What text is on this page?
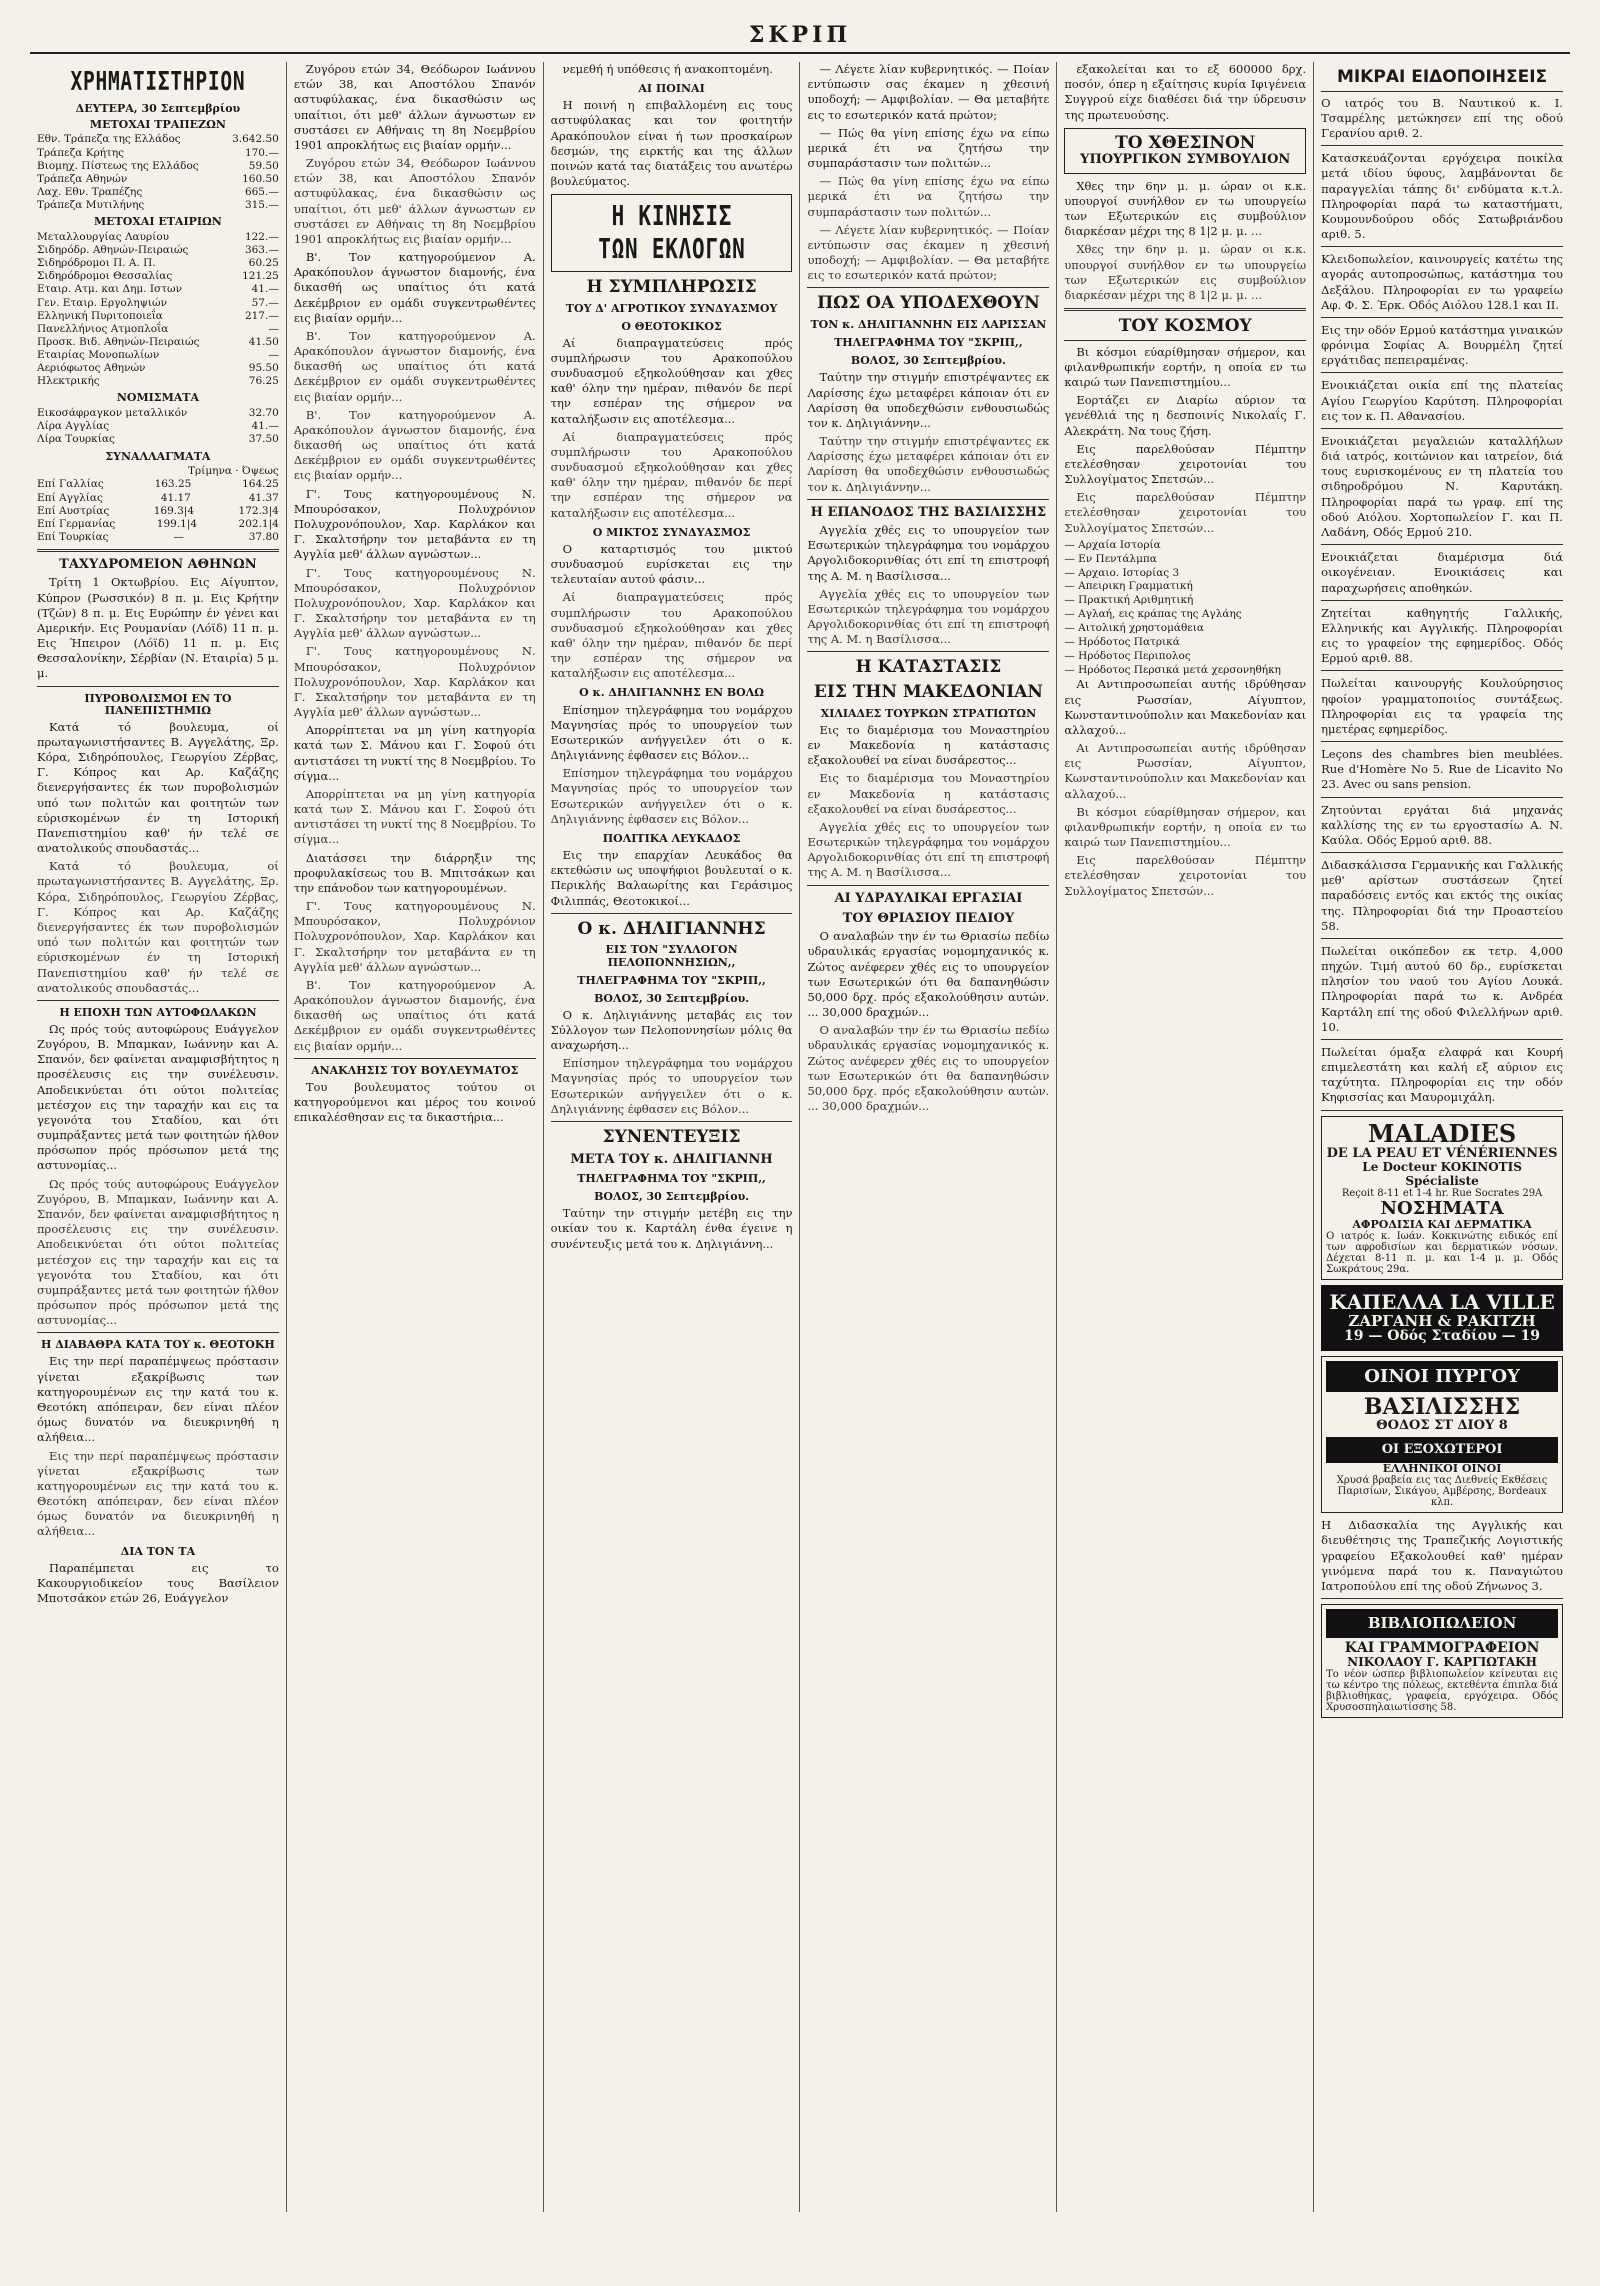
ΣΚΡΙΠ
ΧΡΗΜΑΤΙΣΤΗΡΙΟΝ
ΔΕΥΤΕΡΑ, 30 Σεπτεμβρίου
ΜΕΤΟΧΑΙ ΤΡΑΠΕΖΩΝ
Εθν. Τράπεζα της Ελλάδος	3.642.50
Τράπεζα Κρήτης	170.—
Βιομηχ. Πίστεως της Ελλάδος	59.50
Τράπεζα Αθηνών	160.50
Λαχ. Εθν. Τραπέζης	665.—
Τράπεζα Μυτιλήνης	315.—
ΜΕΤΟΧΑΙ ΕΤΑΙΡΙΩΝ
Μεταλλουργίας Λαυρίου	122.—
Σιδηρόδρ. Αθηνών-Πειραιώς	363.—
Σιδηρόδρομοι Π. Α. Π.	60.25
Σιδηρόδρομοι Θεσσαλίας	121.25
Εταιρ. Ατμ. και Δημ. Ιστων	41.—
Γεν. Εταιρ. Εργοληψιών	57.—
Ελληνική Πυριτοποιεΐα	217.—
Πανελλήνιος Ατμοπλοΐα	—
Προσκ. Βιδ. Αθηνών-Πειραιώς	41.50
Εταιρίας Μονοπωλίων	—
Αεριόφωτος Αθηνών	95.50
Ηλεκτρικής	76.25
ΝΟΜΙΣΜΑΤΑ
Εικοσάφραγκον μεταλλικόν	32.70
Λίρα Αγγλίας	41.—
Λίρα Τουρκίας	37.50
ΣΥΝΑΛΛΑΓΜΑΤΑ
Τρίμηνα · Όψεως
Επί Γαλλίας	163.25	164.25
Επί Αγγλίας	41.17	41.37
Επί Αυστρίας	169.3|4	172.3|4
Επί Γερμανίας	199.1|4	202.1|4
Επί Τουρκίας	—	37.80
ΤΑΧΥΔΡΟΜΕΙΟΝ ΑΘΗΝΩΝ

Τρίτη 1 Οκτωβρίου. Εις Αίγυπτον, Κύπρον (Ρωσσικόν) 8 π. μ. Εις Κρήτην (Τζών) 8 π. μ. Εις Ευρώπην έν γένει και Αμερικήν. Εις Ρουμανίαν (Λόϊδ) 11 π. μ. Εις Ήπειρον (Λόϊδ) 11 π. μ. Εις Θεσσαλονίκην, Σέρβίαν (Ν. Εταιρία) 5 μ. μ.

ΠΥΡΟΒΟΛΙΣΜΟΙ ΕΝ ΤΟ ΠΑΝΕΠΙΣΤΗΜΙΩ

Κατά τό βουλευμα, οί πρωταγωνιστήσαντες Β. Αγγελάτης, Ξρ. Κόρα, Σιδηρόπουλος, Γεωργίου Ζέρβας, Γ. Κόπρος και Αρ. Καζάζης διενεργήσαντες έκ των πυροβολισμών υπό των πολιτών και φοιτητών των εύρισκομένων έν τη Ιστορική Πανεπιστημίου καθ' ήν τελέ σε ανατολικούς σπουδαστάς...

Κατά τό βουλευμα, οί πρωταγωνιστήσαντες Β. Αγγελάτης, Ξρ. Κόρα, Σιδηρόπουλος, Γεωργίου Ζέρβας, Γ. Κόπρος και Αρ. Καζάζης διενεργήσαντες έκ των πυροβολισμών υπό των πολιτών και φοιτητών των εύρισκομένων έν τη Ιστορική Πανεπιστημίου καθ' ήν τελέ σε ανατολικούς σπουδαστάς...

Η ΕΠΟΧΗ ΤΩΝ ΑΥΤΟΦΩΛΑΚΩΝ

Ως πρός τούς αυτοφώρους Ευάγγελον Ζυγόρου, Β. Μπαμκαν, Ιωάννην και Α. Σπανόν, δεν φαίνεται αναμφισβήτητος η προσέλευσις εις την συνέλευσιν. Αποδεικνύεται ότι ούτοι πολιτείας μετέσχον εις την ταραχήν και εις τα γεγονότα του Σταδίου, και ότι συμπράξαντες μετά των φοιτητών ήλθον πρόσωπον πρός πρόσωπον μετά της αστυνομίας...

Ως πρός τούς αυτοφώρους Ευάγγελον Ζυγόρου, Β. Μπαμκαν, Ιωάννην και Α. Σπανόν, δεν φαίνεται αναμφισβήτητος η προσέλευσις εις την συνέλευσιν. Αποδεικνύεται ότι ούτοι πολιτείας μετέσχον εις την ταραχήν και εις τα γεγονότα του Σταδίου, και ότι συμπράξαντες μετά των φοιτητών ήλθον πρόσωπον πρός πρόσωπον μετά της αστυνομίας...

Η ΔΙΑΒΑΘΡΑ ΚΑΤΑ ΤΟΥ κ. ΘΕΟΤΟΚΗ

Εις την περί παραπέμψεως πρόστασιν γίνεται εξακρίβωσις των κατηγορουμένων εις την κατά του κ. Θεοτόκη απόπειραν, δεν είναι πλέον όμως δυνατόν να διευκρινηθή η αλήθεια...

Εις την περί παραπέμψεως πρόστασιν γίνεται εξακρίβωσις των κατηγορουμένων εις την κατά του κ. Θεοτόκη απόπειραν, δεν είναι πλέον όμως δυνατόν να διευκρινηθή η αλήθεια...

ΔΙΑ ΤΟΝ ΤΑ

Παραπέμπεται εις το Κακουργιοδικείον τους Βασίλειον Μποτσάκον ετών 26, Ευάγγελον

Ζυγόρου ετών 34, Θεόδωρον Ιωάννου ετών 38, και Αποστόλου Σπανόν αστυφύλακας, ένα δικασθώσιν ως υπαίτιοι, ότι μεθ' άλλων άγνωστων εν συστάσει εν Αθήναις τη 8η Νοεμβρίου 1901 απροκλήτως εις βιαίαν ορμήν...

Ζυγόρου ετών 34, Θεόδωρον Ιωάννου ετών 38, και Αποστόλου Σπανόν αστυφύλακας, ένα δικασθώσιν ως υπαίτιοι, ότι μεθ' άλλων άγνωστων εν συστάσει εν Αθήναις τη 8η Νοεμβρίου 1901 απροκλήτως εις βιαίαν ορμήν...

Β'. Τον κατηγορούμενον Α. Αρακόπουλον άγνωστον διαμονής, ένα δικασθή ως υπαίτιος ότι κατά Δεκέμβριον εν ομάδι συγκεντρωθέντες εις βιαίαν ορμήν...

Β'. Τον κατηγορούμενον Α. Αρακόπουλον άγνωστον διαμονής, ένα δικασθή ως υπαίτιος ότι κατά Δεκέμβριον εν ομάδι συγκεντρωθέντες εις βιαίαν ορμήν...

Β'. Τον κατηγορούμενον Α. Αρακόπουλον άγνωστον διαμονής, ένα δικασθή ως υπαίτιος ότι κατά Δεκέμβριον εν ομάδι συγκεντρωθέντες εις βιαίαν ορμήν...

Γ'. Τους κατηγορουμένους Ν. Μπουρόσακον, Πολυχρόνιον Πολυχρονόπουλον, Χαρ. Καρλάκον και Γ. Σκαλτσήρην τον μεταβάντα εν τη Αγγλία μεθ' άλλων αγνώστων...

Γ'. Τους κατηγορουμένους Ν. Μπουρόσακον, Πολυχρόνιον Πολυχρονόπουλον, Χαρ. Καρλάκον και Γ. Σκαλτσήρην τον μεταβάντα εν τη Αγγλία μεθ' άλλων αγνώστων...

Γ'. Τους κατηγορουμένους Ν. Μπουρόσακον, Πολυχρόνιον Πολυχρονόπουλον, Χαρ. Καρλάκον και Γ. Σκαλτσήρην τον μεταβάντα εν τη Αγγλία μεθ' άλλων αγνώστων...

Απορρίπτεται να μη γίνη κατηγορία κατά των Σ. Μάνου και Γ. Σοφού ότι αντιστάσει τη νυκτί της 8 Νοεμβρίου. Το σίγμα...

Απορρίπτεται να μη γίνη κατηγορία κατά των Σ. Μάνου και Γ. Σοφού ότι αντιστάσει τη νυκτί της 8 Νοεμβρίου. Το σίγμα...

Διατάσσει την διάρρηξιν της προφυλακίσεως του Β. Μπιτσάκων και την επάνοδον των κατηγορουμένων.

Γ'. Τους κατηγορουμένους Ν. Μπουρόσακον, Πολυχρόνιον Πολυχρονόπουλον, Χαρ. Καρλάκον και Γ. Σκαλτσήρην τον μεταβάντα εν τη Αγγλία μεθ' άλλων αγνώστων...

Β'. Τον κατηγορούμενον Α. Αρακόπουλον άγνωστον διαμονής, ένα δικασθή ως υπαίτιος ότι κατά Δεκέμβριον εν ομάδι συγκεντρωθέντες εις βιαίαν ορμήν...

ΑΝΑΚΛΗΣΙΣ ΤΟΥ ΒΟΥΛΕΥΜΑΤΟΣ

Του βουλευματος τούτου οι κατηγορούμενοι και μέρος του κοινού επικαλέσθησαν εις τα δικαστήρια...

νεμεθή ή υπόθεσις ή ανακοπτομένη.

ΑΙ ΠΟΙΝΑΙ

Η ποινή η επιβαλλομένη εις τους αστυφύλακας και τον φοιτητήν Αρακόπουλον είναι ή των προσκαίρων δεσμών, της ειρκτής και της άλλων ποινών κατά τας διατάξεις του ανωτέρω βουλεύματος.

Η ΚΙΝΗΣΙΣ
ΤΩΝ ΕΚΛΟΓΩΝ
Η ΣΥΜΠΛΗΡΩΣΙΣ
ΤΟΥ Δ' ΑΓΡΟΤΙΚΟΥ ΣΥΝΔΥΑΣΜΟΥ
Ο ΘΕΟΤΟΚΙΚΟΣ

Αί διαπραγματεύσεις πρός συμπλήρωσιν του Αρακοπούλου συνδυασμού εξηκολούθησαν και χθες καθ' όλην την ημέραν, πιθανόν δε περί την εσπέραν της σήμερον να καταλήξωσιν εις αποτέλεσμα...

Αί διαπραγματεύσεις πρός συμπλήρωσιν του Αρακοπούλου συνδυασμού εξηκολούθησαν και χθες καθ' όλην την ημέραν, πιθανόν δε περί την εσπέραν της σήμερον να καταλήξωσιν εις αποτέλεσμα...

Ο ΜΙΚΤΟΣ ΣΥΝΔΥΑΣΜΟΣ

Ο καταρτισμός του μικτού συνδυασμού ευρίσκεται εις την τελευταίαν αυτού φάσιν...

Αί διαπραγματεύσεις πρός συμπλήρωσιν του Αρακοπούλου συνδυασμού εξηκολούθησαν και χθες καθ' όλην την ημέραν, πιθανόν δε περί την εσπέραν της σήμερον να καταλήξωσιν εις αποτέλεσμα...

Ο κ. ΔΗΛΙΓΙΑΝΝΗΣ ΕΝ ΒΟΛΩ

Επίσημον τηλεγράφημα του νομάρχου Μαγνησίας πρός το υπουργείον των Εσωτερικών ανήγγειλεν ότι ο κ. Δηλιγιάννης έφθασεν εις Βόλον...

Επίσημον τηλεγράφημα του νομάρχου Μαγνησίας πρός το υπουργείον των Εσωτερικών ανήγγειλεν ότι ο κ. Δηλιγιάννης έφθασεν εις Βόλον...

ΠΟΛΙΤΙΚΑ ΛΕΥΚΑΔΟΣ

Εις την επαρχίαν Λευκάδος θα εκτεθώσιν ως υποψήφιοι βουλευταί ο κ. Περικλής Βαλαωρίτης και Γεράσιμος Φιλιππάς, Θεοτοκικοί...

Ο κ. ΔΗΛΙΓΙΑΝΝΗΣ
ΕΙΣ ΤΟΝ "ΣΥΛΛΟΓΟΝ ΠΕΛΟΠΟΝΝΗΣΙΩΝ,,
ΤΗΛΕΓΡΑΦΗΜΑ ΤΟΥ "ΣΚΡΙΠ,,
ΒΟΛΟΣ, 30 Σεπτεμβρίου.

Ο κ. Δηλιγιάννης μεταβάς εις τον Σύλλογον των Πελοποννησίων μόλις θα αναχωρήση...

Επίσημον τηλεγράφημα του νομάρχου Μαγνησίας πρός το υπουργείον των Εσωτερικών ανήγγειλεν ότι ο κ. Δηλιγιάννης έφθασεν εις Βόλον...

ΣΥΝΕΝΤΕΥΞΙΣ
ΜΕΤΑ ΤΟΥ κ. ΔΗΛΙΓΙΑΝΝΗ
ΤΗΛΕΓΡΑΦΗΜΑ ΤΟΥ "ΣΚΡΙΠ,,
ΒΟΛΟΣ, 30 Σεπτεμβρίου.

Ταύτην την στιγμήν μετέβη εις την οικίαν του κ. Καρτάλη ένθα έγεινε η συνέντευξις μετά του κ. Δηλιγιάννη...

— Λέγετε λίαν κυβερνητικός. — Ποίαν εντύπωσιν σας έκαμεν η χθεσινή υποδοχή; — Αμφιβολίαν. — Θα μεταβήτε εις το εσωτερικόν κατά πρώτον;

— Πώς θα γίνη επίσης έχω να είπω μερικά έτι να ζητήσω την συμπαράστασιν των πολιτών...

— Πώς θα γίνη επίσης έχω να είπω μερικά έτι να ζητήσω την συμπαράστασιν των πολιτών...

— Λέγετε λίαν κυβερνητικός. — Ποίαν εντύπωσιν σας έκαμεν η χθεσινή υποδοχή; — Αμφιβολίαν. — Θα μεταβήτε εις το εσωτερικόν κατά πρώτον;

ΠΩΣ ΟΑ ΥΠΟΔΕΧΘΟΥΝ
ΤΟΝ κ. ΔΗΛΙΓΙΑΝΝΗΝ ΕΙΣ ΛΑΡΙΣΣΑΝ
ΤΗΛΕΓΡΑΦΗΜΑ ΤΟΥ "ΣΚΡΙΠ,,
ΒΟΛΟΣ, 30 Σεπτεμβρίου.

Ταύτην την στιγμήν επιστρέψαντες εκ Λαρίσσης έχω μεταφέρει κάποιαν ότι εν Λαρίσση θα υποδεχθώσιν ενθουσιωδώς τον κ. Δηλιγιάννην...

Ταύτην την στιγμήν επιστρέψαντες εκ Λαρίσσης έχω μεταφέρει κάποιαν ότι εν Λαρίσση θα υποδεχθώσιν ενθουσιωδώς τον κ. Δηλιγιάννην...

Η ΕΠΑΝΟΔΟΣ ΤΗΣ ΒΑΣΙΛΙΣΣΗΣ

Αγγελία χθές εις το υπουργείον των Εσωτερικών τηλεγράφημα του νομάρχου Αργολιδοκορινθίας ότι επί τη επιστροφή της Α. Μ. η Βασίλισσα...

Αγγελία χθές εις το υπουργείον των Εσωτερικών τηλεγράφημα του νομάρχου Αργολιδοκορινθίας ότι επί τη επιστροφή της Α. Μ. η Βασίλισσα...

Η ΚΑΤΑΣΤΑΣΙΣ
ΕΙΣ ΤΗΝ ΜΑΚΕΔΟΝΙΑΝ
ΧΙΛΙΑΔΕΣ ΤΟΥΡΚΩΝ ΣΤΡΑΤΙΩΤΩΝ

Εις το διαμέρισμα του Μοναστηρίου εν Μακεδονία η κατάστασις εξακολουθεί να είναι δυσάρεστος...

Εις το διαμέρισμα του Μοναστηρίου εν Μακεδονία η κατάστασις εξακολουθεί να είναι δυσάρεστος...

Αγγελία χθές εις το υπουργείον των Εσωτερικών τηλεγράφημα του νομάρχου Αργολιδοκορινθίας ότι επί τη επιστροφή της Α. Μ. η Βασίλισσα...

ΑΙ ΥΔΡΑΥΛΙΚΑΙ ΕΡΓΑΣΙΑΙ
ΤΟΥ ΘΡΙΑΣΙΟΥ ΠΕΔΙΟΥ

Ο αναλαβών την έν τω Θριασίω πεδίω υδραυλικάς εργασίας νομομηχανικός κ. Ζώτος ανέφερεν χθές εις το υπουργείον των Εσωτερικών ότι θα δαπανηθώσιν 50,000 δρχ. πρός εξακολούθησιν αυτών. ... 30,000 δραχμών...

Ο αναλαβών την έν τω Θριασίω πεδίω υδραυλικάς εργασίας νομομηχανικός κ. Ζώτος ανέφερεν χθές εις το υπουργείον των Εσωτερικών ότι θα δαπανηθώσιν 50,000 δρχ. πρός εξακολούθησιν αυτών. ... 30,000 δραχμών...

εξακολείται και το εξ 600000 δρχ. ποσόν, όπερ η εξαίτησις κυρία Ιφιγένεια Συγγρού είχε διαθέσει διά την ύδρευσιν της πρωτευούσης.

ΤΟ ΧΘΕΣΙΝΟΝ
ΥΠΟΥΡΓΙΚΟΝ ΣΥΜΒΟΥΛΙΟΝ

Χθες την 6ην μ. μ. ώραν οι κ.κ. υπουργοί συνήλθον εν τω υπουργείω των Εξωτερικών εις συμβούλιον διαρκέσαν μέχρι της 8 1|2 μ. μ. ...

Χθες την 6ην μ. μ. ώραν οι κ.κ. υπουργοί συνήλθον εν τω υπουργείω των Εξωτερικών εις συμβούλιον διαρκέσαν μέχρι της 8 1|2 μ. μ. ...

ΤΟΥ ΚΟΣΜΟΥ

Βι κόσμοι εύαρίθμησαν σήμερον, και φιλανθρωπικήν εορτήν, η οποία εν τω καιρώ των Πανεπιστημίου...

Εορτάζει εν Διαρίω αύριον τα γενέθλιά της η δεσποινίς Νικολαΐς Γ. Αλεκράτη. Να τους ζήση.

Εις παρελθούσαν Πέμπτην ετελέσθησαν χειροτονίαι του Συλλογίματος Σπετσών...

Εις παρελθούσαν Πέμπτην ετελέσθησαν χειροτονίαι του Συλλογίματος Σπετσών...

— Αρχαία Ιστορία
— Εν Πεντάλμπα
— Αρχαιο. Ιστορίας 3
— Απειρικη Γραμματική
— Πρακτική Αριθμητική
— Αγλαή, εις κράπας της Αγλάης
— Αιτολική χρηστομάθεια
— Ηρόδοτος Πατρικά
— Ηρόδοτος Περιπολος
— Ηρόδοτος Περσικά μετά χερσονηθήκη

Αι Αντιπροσωπείαι αυτής ιδρύθησαν εις Ρωσσίαν, Αίγυπτον, Κωνσταντινούπολιν και Μακεδονίαν και αλλαχού...

Αι Αντιπροσωπείαι αυτής ιδρύθησαν εις Ρωσσίαν, Αίγυπτον, Κωνσταντινούπολιν και Μακεδονίαν και αλλαχού...

Βι κόσμοι εύαρίθμησαν σήμερον, και φιλανθρωπικήν εορτήν, η οποία εν τω καιρώ των Πανεπιστημίου...

Εις παρελθούσαν Πέμπτην ετελέσθησαν χειροτονίαι του Συλλογίματος Σπετσών...

ΜΙΚΡΑΙ ΕΙΔΟΠΟΙΗΣΕΙΣ

Ο ιατρός του Β. Ναυτικού κ. Ι. Τσαμρέλης μετώκησεν επί της οδού Γερανίου αριθ. 2.

Κατασκευάζονται εργόχειρα ποικίλα μετά ιδίου ύφους, λαμβάνονται δε παραγγελίαι τάπης δι' ενδύματα κ.τ.λ. Πληροφορίαι παρά τω καταστήματι, Κουμουνδούρου οδός Σατωβριάνδου αριθ. 5.

Κλειδοπωλείον, καινουργείς κατέτω της αγοράς αυτοπροσώπως, κατάστημα του Δεξάλου. Πληροφορίαι εν τω γραφείω Αφ. Φ. Σ. Έρκ. Οδός Αιόλου 128.1 και ΙΙ.

Εις την οδόν Ερμού κατάστημα γιναικών φρόνιμα Σοφίας Α. Βουρμέλη ζητεί εργάτιδας πεπειραμένας.

Ενοικιάζεται οικία επί της πλατείας Αγίου Γεωργίου Καρύτση. Πληροφορίαι εις τον κ. Π. Αθανασίου.

Ενοικιάζεται μεγαλειών καταλλήλων διά ιατρός, κοιτώνιον και ιατρείον, διά τους ευρισκομένους εν τη πλατεία του σιδηροδρόμου Ν. Καρυτάκη. Πληροφορίαι παρά τω γραφ. επί της οδού Αιόλου. Χορτοπωλείον Γ. και Π. Λαδάνη, Οδός Ερμού 210.

Ενοικιάζεται διαμέρισμα διά οικογένειαν. Ενοικιάσεις και παραχωρήσεις αποθηκών.

Ζητείται καθηγητής Γαλλικής, Ελληνικής και Αγγλικής. Πληροφορίαι εις το γραφείον της εφημερίδος. Οδός Ερμού αριθ. 88.

Πωλείται καινουργής Κουλούρησιος ηφοίον γραμματοποιίος συντάξεως. Πληροφορίαι εις τα γραφεία της ημετέρας εφημερίδος.

Leçons des chambres bien meublées. Rue d'Homère No 5. Rue de Licavito No 23. Avec ou sans pension.

Ζητούνται εργάται διά μηχανάς καλλίσης της εν τω εργοστασίω Α. Ν. Καύλα. Οδός Ερμού αριθ. 88.

Διδασκάλισσα Γερμανικής και Γαλλικής μεθ' αρίστων συστάσεων ζητεί παραδόσεις εντός και εκτός της οικίας της. Πληροφορίαι διά την Προαστείου 58.

Πωλείται οικόπεδον εκ τετρ. 4,000 πηχών. Τιμή αυτού 60 δρ., ευρίσκεται πλησίον του ναού του Αγίου Λουκά. Πληροφορίαι παρά τω κ. Ανδρέα Καρτάλη επί της οδού Φιλελλήνων αριθ. 10.

Πωλείται όμαξα ελαφρά και Κουρή επιμελεστάτη και καλή εξ αύριον εις ταχύτητα. Πληροφορίαι εις την οδόν Κηφισσίας και Μαυρομιχάλη.

MALADIES
DE LA PEAU ET VÉNÉRIENNES
Le Docteur KOKINOTIS Spécialiste
Reçoit 8-11 et 1-4 hr. Rue Socrates 29A
ΝΟΣΗΜΑΤΑ
ΑΦΡΟΔΙΣΙΑ ΚΑΙ ΔΕΡΜΑΤΙΚΑ
Ο ιατρός κ. Ιωάν. Κοκκινώτης ειδικός επί των αφροδισίων και δερματικών νόσων. Δέχεται 8-11 π. μ. και 1-4 μ. μ. Οδός Σωκράτους 29α.
ΚΑΠΕΛΛΑ LA VILLE
ΖΑΡΓΑΝΗ & ΡΑΚΙΤΖΗ
19 — Οδός Σταδίου — 19
ΟΙΝΟΙ ΠΥΡΓΟΥ
ΒΑΣΙΛΙΣΣΗΣ
ΘΟΔΟΣ ΣΤ ΔΙΟΥ 8
ΟΙ ΕΞΟΧΩΤΕΡΟΙ
ΕΛΛΗΝΙΚΟΙ ΟΙΝΟΙ
Χρυσά βραβεία εις τας Διεθνείς Εκθέσεις Παρισίων, Σικάγου, Αμβέρσης, Bordeaux κλπ.

Η Διδασκαλία της Αγγλικής και διευθέτησις της Τραπεζικής Λογιστικής γραφείου Εξακολουθεί καθ' ημέραν γινόμενα παρά του κ. Παναγιώτου Ιατροπούλου επί της οδού Ζήνωνος 3.

ΒΙΒΛΙΟΠΩΛΕΙΟΝ
ΚΑΙ ΓΡΑΜΜΟΓΡΑΦΕΙΟΝ
ΝΙΚΟΛΑΟΥ Γ. ΚΑΡΓΙΩΤΑΚΗ
Το νέον ώσπερ βιβλιοπωλείον κείνευται εις τω κέντρο της πόλεως, εκτεθέντα έπιπλα διά βιβλιοθήκας, γραφεία, εργόχειρα. Οδός Χρυσοσπηλαιωτίσσης 58.
